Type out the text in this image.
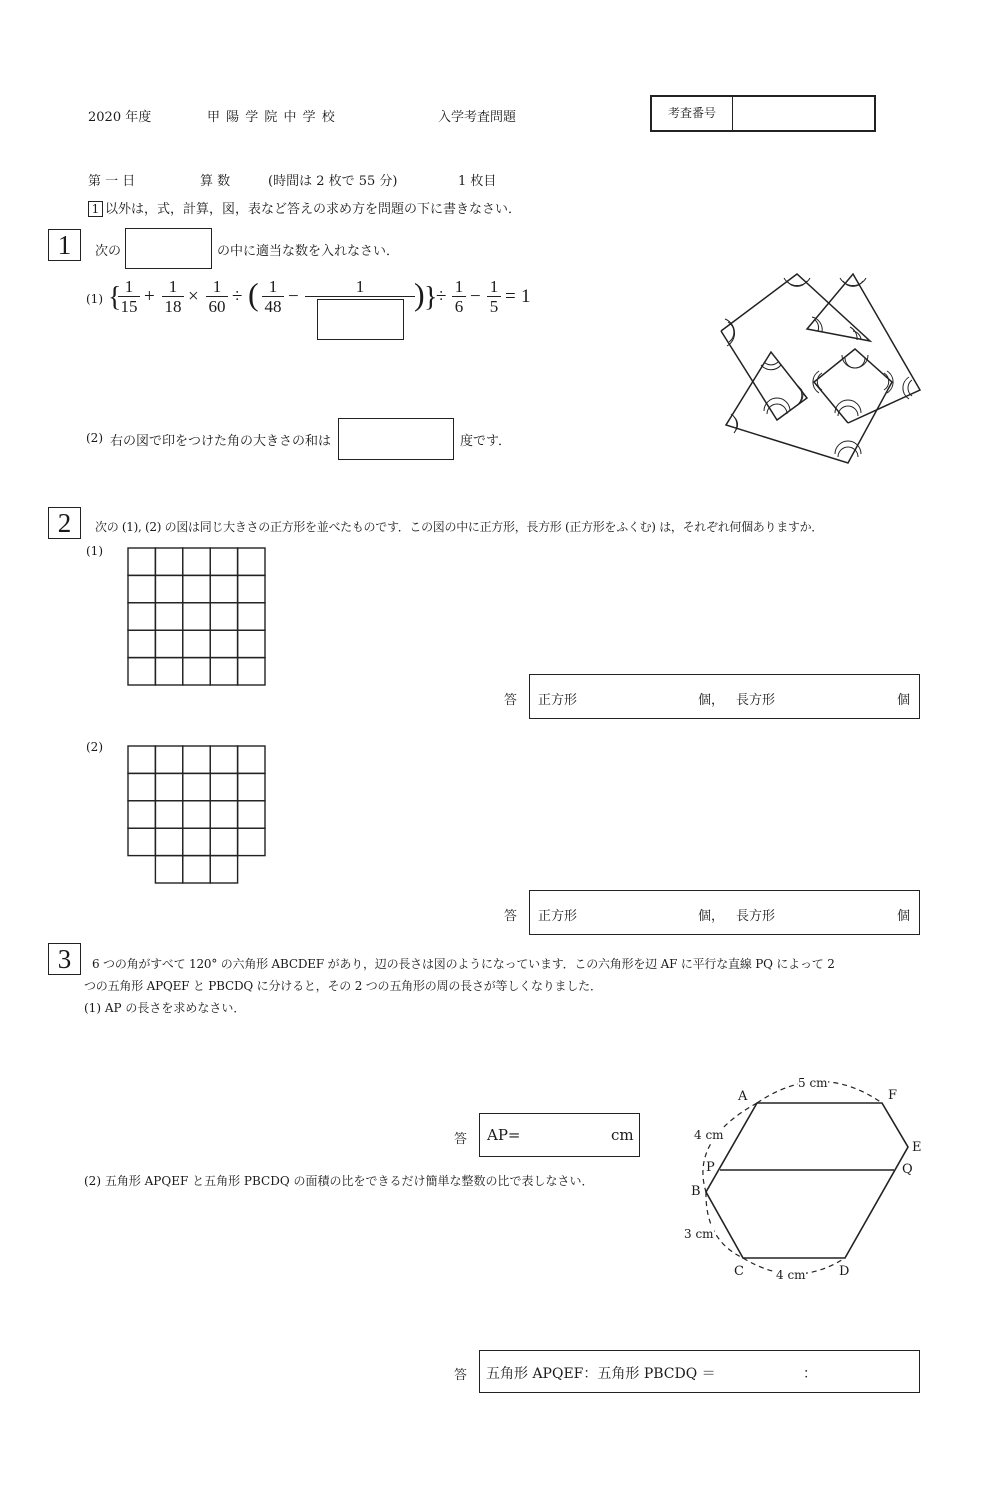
2020 年度	甲 陽 学 院 中 学 校	入学考査問題	考査番号
第 一 日	算 数	(時間は 2 枚で 55 分)	1 枚目
1 以外は，式，計算，図，表など答えの求め方を問題の下に書きなさい．
1	次の	の中に適当な数を入れなさい．
(1) { 1
15 + 1
18 × 1
60 ÷ ( 1
48 −	1	) }
÷ 1
6 − 1
5 = 1
(2) 右の図で印をつけた角の大きさの和は	度です．
2	次の (1), (2) の図は同じ大きさの正方形を並べたものです．この図の中に正方形，長方形 (正方形をふくむ) は，それぞれ何個ありますか．
(1)
答 正方形	個， 長方形	個
(2)
答 正方形	個， 長方形	個
3	6 つの角がすべて 120° の六角形 ABCDEF があり，辺の長さは図のようになっています．この六角形を辺 AF に平行な直線 PQ によって 2
つの五角形 APQEF と PBCDQ に分けると，その 2 つの五角形の周の長さが等しくなりました．
(1) AP の長さを求めなさい．
答 AP=	cm
(2) 五角形 APQEF と五角形 PBCDQ の面積の比をできるだけ簡単な整数の比で表しなさい．
A	F
E
Q
P
B
C	D
5 cm
4 cm
3 cm
4 cm
答 五角形 APQEF：五角形 PBCDQ ＝	：
